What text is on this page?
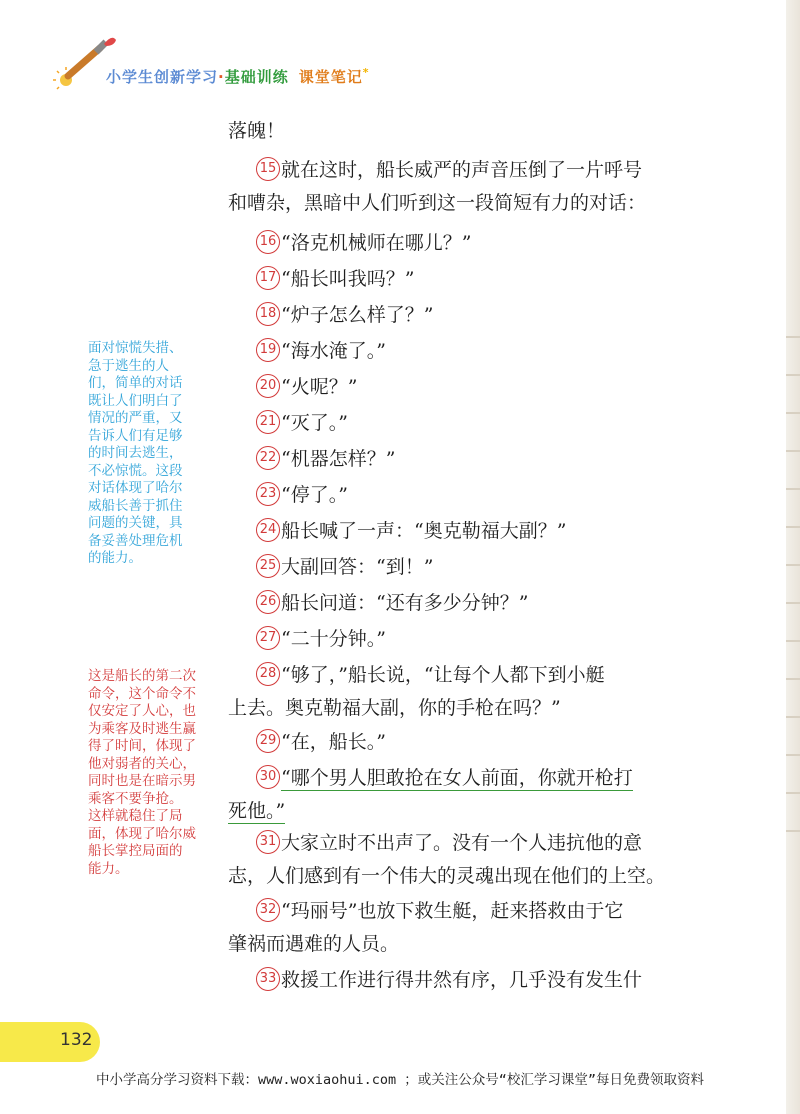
小学生创新学习·基础训练 课堂笔记*
落魄！
15 就在这时，船长威严的声音压倒了一片呼号
和嘈杂，黑暗中人们听到这一段简短有力的对话：
16 “洛克机械师在哪儿？”
17 “船长叫我吗？”
18 “炉子怎么样了？”
19 “海水淹了。”
20 “火呢？”
21 “灭了。”
22 “机器怎样？”
23 “停了。”
24 船长喊了一声：“奥克勒福大副？”
25 大副回答：“到！”
26 船长问道：“还有多少分钟？”
27 “二十分钟。”
28 “够了，”船长说，“让每个人都下到小艇
上去。奥克勒福大副，你的手枪在吗？”
29 “在，船长。”
30 “哪个男人胆敢抢在女人前面，你就开枪打
死他。”
31 大家立时不出声了。没有一个人违抗他的意
志，人们感到有一个伟大的灵魂出现在他们的上空。
32 “玛丽号”也放下救生艇，赶来搭救由于它
肇祸而遇难的人员。
33 救援工作进行得井然有序，几乎没有发生什
面对惊慌失措、
急于逃生的人
们，简单的对话
既让人们明白了
情况的严重，又
告诉人们有足够
的时间去逃生，
不必惊慌。这段
对话体现了哈尔
威船长善于抓住
问题的关键，具
备妥善处理危机
的能力。
这是船长的第二次
命令，这个命令不
仅安定了人心，也
为乘客及时逃生赢
得了时间，体现了
他对弱者的关心，
同时也是在暗示男
乘客不要争抢。
这样就稳住了局
面，体现了哈尔威
船长掌控局面的
能力。
132
中小学高分学习资料下载：www.woxiaohui.com ；或关注公众号“校汇学习课堂”每日免费领取资料
